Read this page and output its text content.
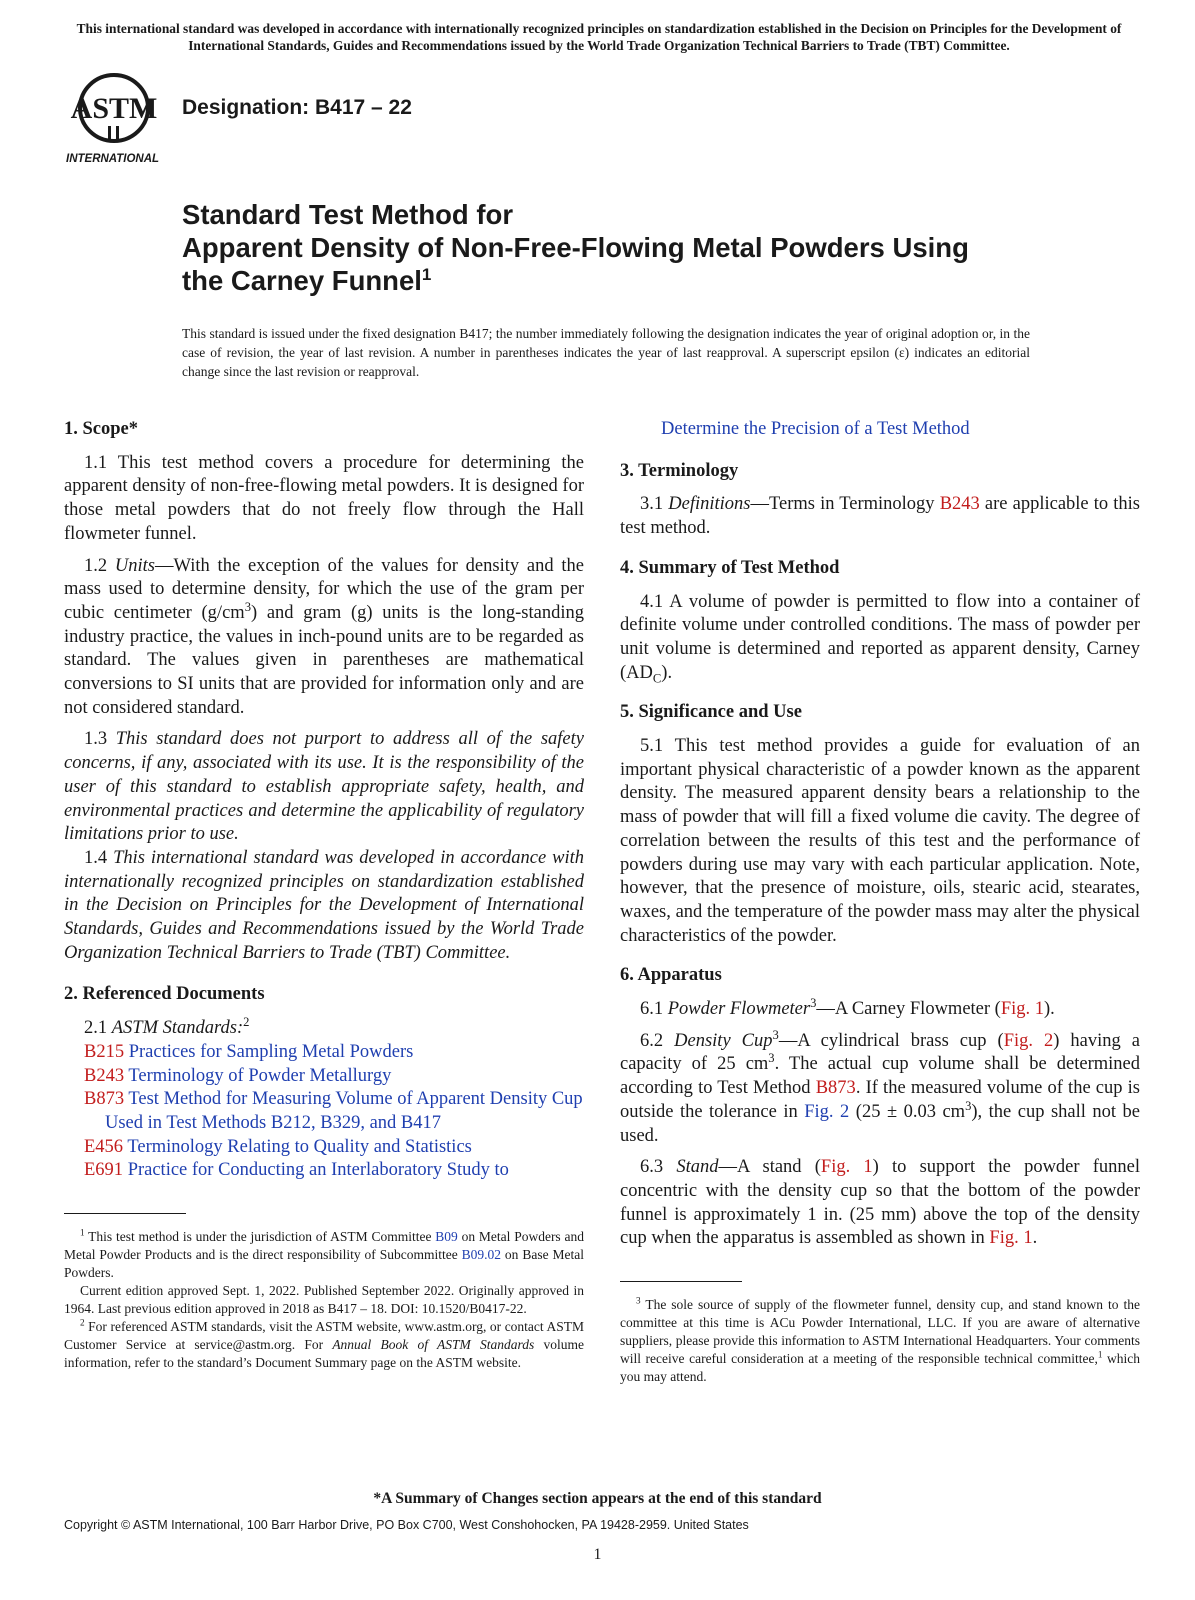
This international standard was developed in accordance with internationally recognized principles on standardization established in the Decision on Principles for the Development of International Standards, Guides and Recommendations issued by the World Trade Organization Technical Barriers to Trade (TBT) Committee.
ASTM
INTERNATIONAL
Designation: B417 – 22
Standard Test Method for
Apparent Density of Non-Free-Flowing Metal Powders Using
the Carney Funnel$^1$
This standard is issued under the fixed designation B417; the number immediately following the designation indicates the year of original adoption or, in the case of revision, the year of last revision. A number in parentheses indicates the year of last reapproval. A superscript epsilon (ε) indicates an editorial change since the last revision or reapproval.
1. Scope*

1.1 This test method covers a procedure for determining the apparent density of non-free-flowing metal powders. It is designed for those metal powders that do not freely flow through the Hall flowmeter funnel.

1.2 Units—With the exception of the values for density and the mass used to determine density, for which the use of the gram per cubic centimeter $(g/cm^3)$ and gram (g) units is the long-standing industry practice, the values in inch-pound units are to be regarded as standard. The values given in parentheses are mathematical conversions to SI units that are provided for information only and are not considered standard.

1.3 This standard does not purport to address all of the safety concerns, if any, associated with its use. It is the responsibility of the user of this standard to establish appropriate safety, health, and environmental practices and determine the applicability of regulatory limitations prior to use.

1.4 This international standard was developed in accordance with internationally recognized principles on standardization established in the Decision on Principles for the Development of International Standards, Guides and Recommendations issued by the World Trade Organization Technical Barriers to Trade (TBT) Committee.

2. Referenced Documents

2.1 ASTM Standards:$^2$

B215 Practices for Sampling Metal Powders

B243 Terminology of Powder Metallurgy

B873 Test Method for Measuring Volume of Apparent Density Cup Used in Test Methods B212, B329, and B417

E456 Terminology Relating to Quality and Statistics

E691 Practice for Conducting an Interlaboratory Study to

$^1$ This test method is under the jurisdiction of ASTM Committee B09 on Metal Powders and Metal Powder Products and is the direct responsibility of Subcommittee B09.02 on Base Metal Powders.

Current edition approved Sept. 1, 2022. Published September 2022. Originally approved in 1964. Last previous edition approved in 2018 as B417 – 18. DOI: 10.1520/B0417-22.

$^2$ For referenced ASTM standards, visit the ASTM website, www.astm.org, or contact ASTM Customer Service at service@astm.org. For Annual Book of ASTM Standards volume information, refer to the standard’s Document Summary page on the ASTM website.

Determine the Precision of a Test Method

3. Terminology

3.1 Definitions—Terms in Terminology B243 are applicable to this test method.

4. Summary of Test Method

4.1 A volume of powder is permitted to flow into a container of definite volume under controlled conditions. The mass of powder per unit volume is determined and reported as apparent density, Carney $(AD_C)$.

5. Significance and Use

5.1 This test method provides a guide for evaluation of an important physical characteristic of a powder known as the apparent density. The measured apparent density bears a relationship to the mass of powder that will fill a fixed volume die cavity. The degree of correlation between the results of this test and the performance of powders during use may vary with each particular application. Note, however, that the presence of moisture, oils, stearic acid, stearates, waxes, and the temperature of the powder mass may alter the physical characteristics of the powder.

6. Apparatus

6.1 Powder Flowmeter$^3$—A Carney Flowmeter (Fig. 1).

6.2 Density Cup$^3$—A cylindrical brass cup (Fig. 2) having a capacity of 25 $cm^3$. The actual cup volume shall be determined according to Test Method B873. If the measured volume of the cup is outside the tolerance in Fig. 2 (25 ± 0.03 $cm^3$), the cup shall not be used.

6.3 Stand—A stand (Fig. 1) to support the powder funnel concentric with the density cup so that the bottom of the powder funnel is approximately 1 in. (25 mm) above the top of the density cup when the apparatus is assembled as shown in Fig. 1.

$^3$ The sole source of supply of the flowmeter funnel, density cup, and stand known to the committee at this time is ACu Powder International, LLC. If you are aware of alternative suppliers, please provide this information to ASTM International Headquarters. Your comments will receive careful consideration at a meeting of the responsible technical committee,$^1$ which you may attend.

*A Summary of Changes section appears at the end of this standard
Copyright © ASTM International, 100 Barr Harbor Drive, PO Box C700, West Conshohocken, PA 19428-2959. United States
1
